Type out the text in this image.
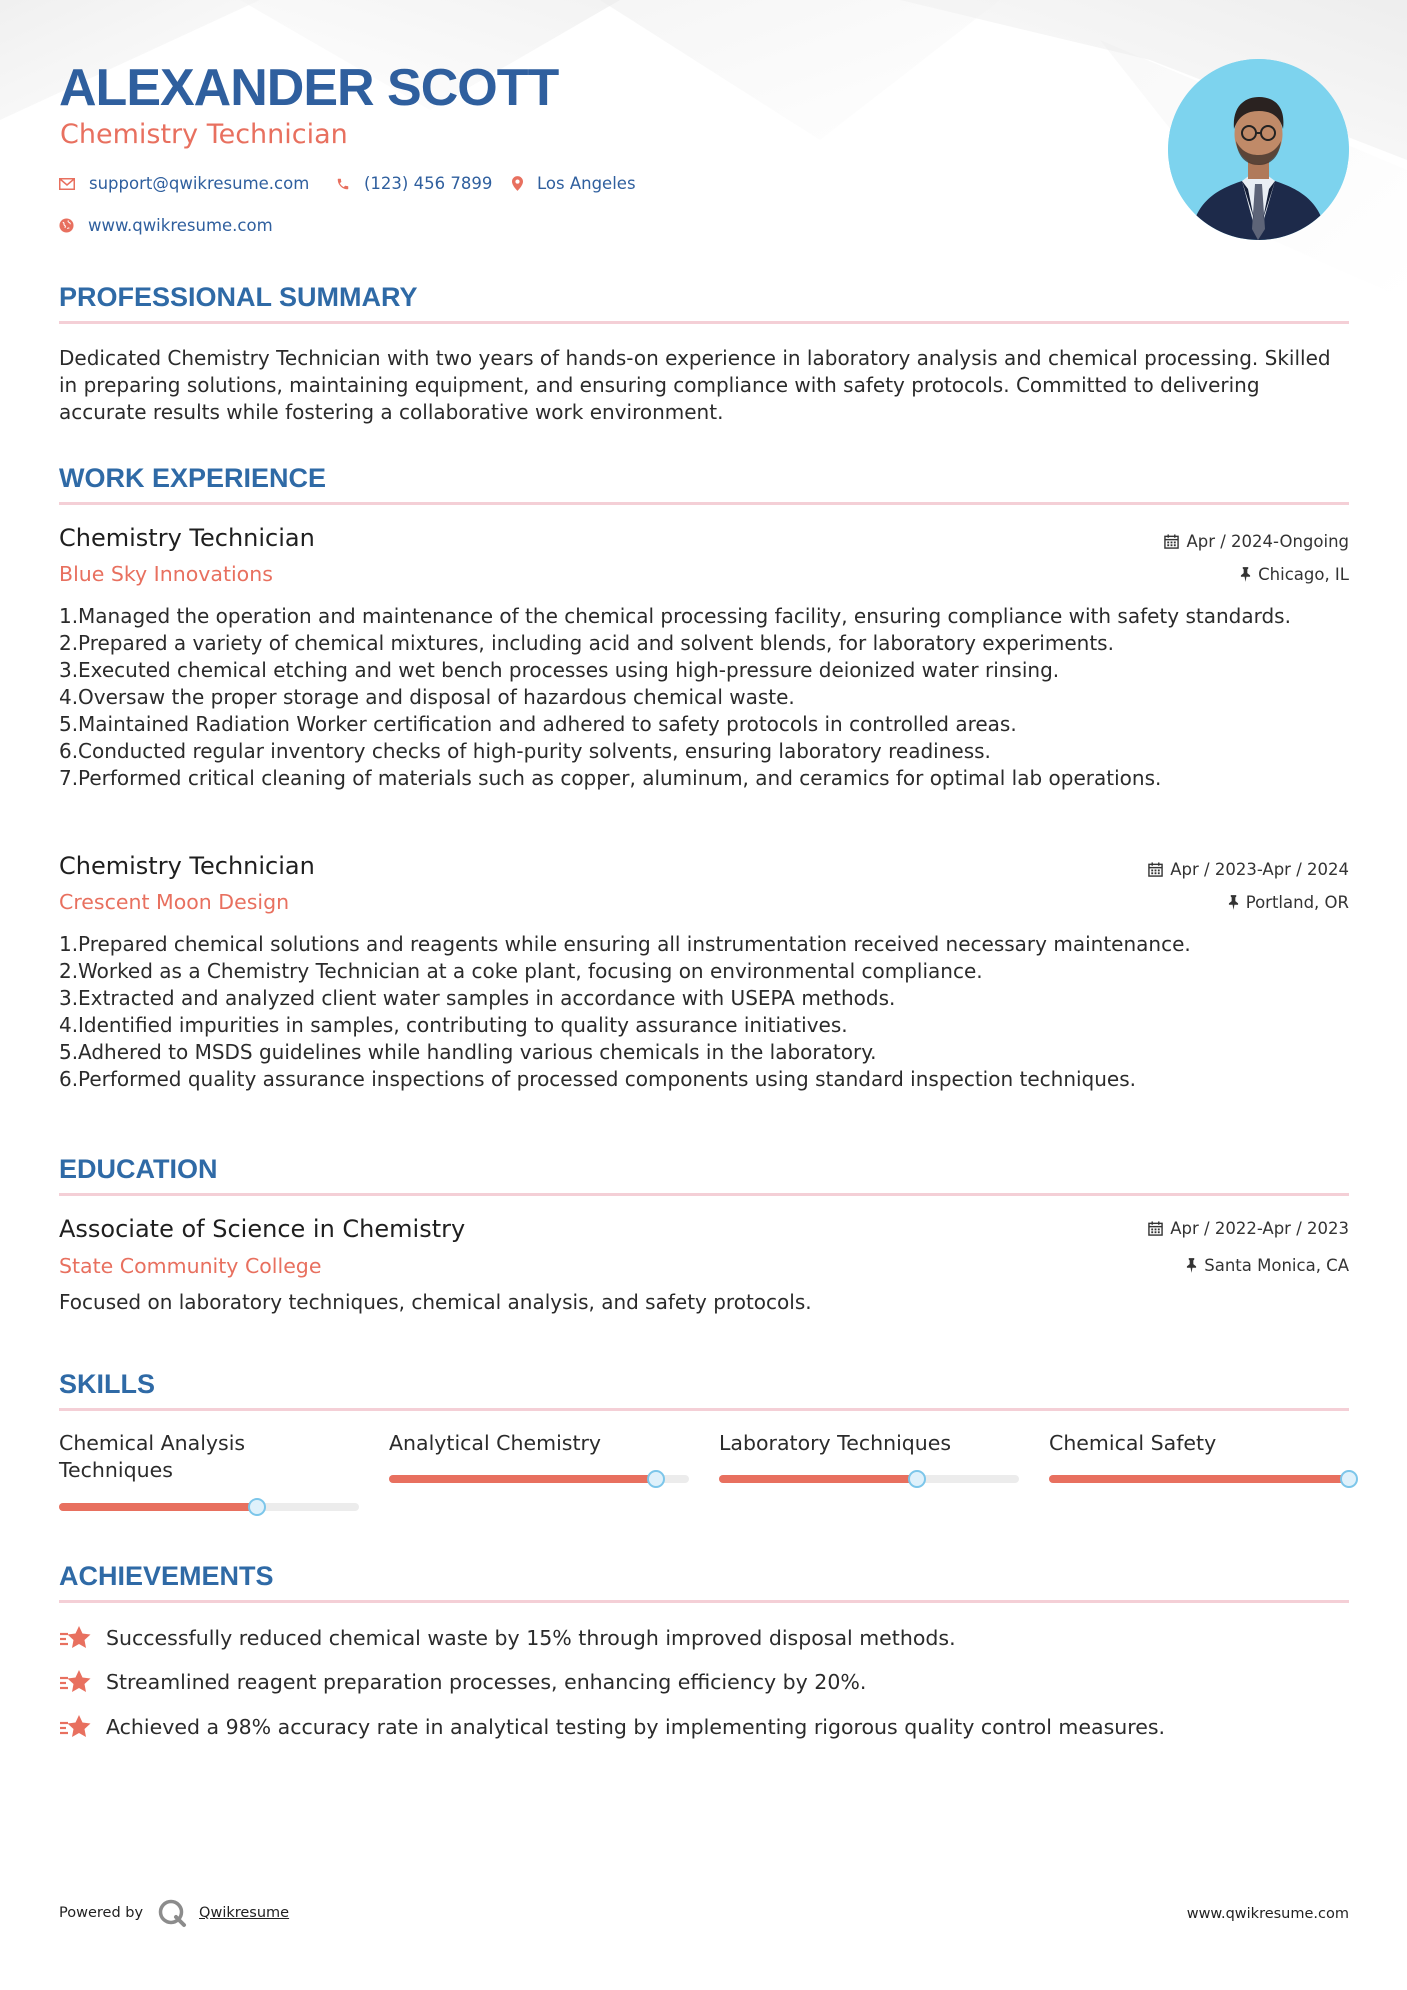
ALEXANDER SCOTT
Chemistry Technician
support@qwikresume.com	(123) 456 7899	Los Angeles
www.qwikresume.com
PROFESSIONAL SUMMARY
Dedicated Chemistry Technician with two years of hands-on experience in laboratory analysis and chemical processing. Skilled in preparing solutions, maintaining equipment, and ensuring compliance with safety protocols. Committed to delivering accurate results while fostering a collaborative work environment.
WORK EXPERIENCE
Chemistry Technician
Blue Sky Innovations
Apr / 2024-Ongoing
Chicago, IL
1. Managed the operation and maintenance of the chemical processing facility, ensuring compliance with safety standards.
2. Prepared a variety of chemical mixtures, including acid and solvent blends, for laboratory experiments.
3. Executed chemical etching and wet bench processes using high-pressure deionized water rinsing.
4. Oversaw the proper storage and disposal of hazardous chemical waste.
5. Maintained Radiation Worker certification and adhered to safety protocols in controlled areas.
6. Conducted regular inventory checks of high-purity solvents, ensuring laboratory readiness.
7. Performed critical cleaning of materials such as copper, aluminum, and ceramics for optimal lab operations.
Chemistry Technician
Crescent Moon Design
Apr / 2023-Apr / 2024
Portland, OR
1. Prepared chemical solutions and reagents while ensuring all instrumentation received necessary maintenance.
2. Worked as a Chemistry Technician at a coke plant, focusing on environmental compliance.
3. Extracted and analyzed client water samples in accordance with USEPA methods.
4. Identified impurities in samples, contributing to quality assurance initiatives.
5. Adhered to MSDS guidelines while handling various chemicals in the laboratory.
6. Performed quality assurance inspections of processed components using standard inspection techniques.
EDUCATION
Associate of Science in Chemistry
State Community College
Apr / 2022-Apr / 2023
Santa Monica, CA
Focused on laboratory techniques, chemical analysis, and safety protocols.
SKILLS
Chemical Analysis Techniques
Analytical Chemistry	Laboratory Techniques	Chemical Safety
ACHIEVEMENTS
Successfully reduced chemical waste by 15% through improved disposal methods.
Streamlined reagent preparation processes, enhancing efficiency by 20%.
Achieved a 98% accuracy rate in analytical testing by implementing rigorous quality control measures.
Powered by	Qwikresume	www.qwikresume.com
